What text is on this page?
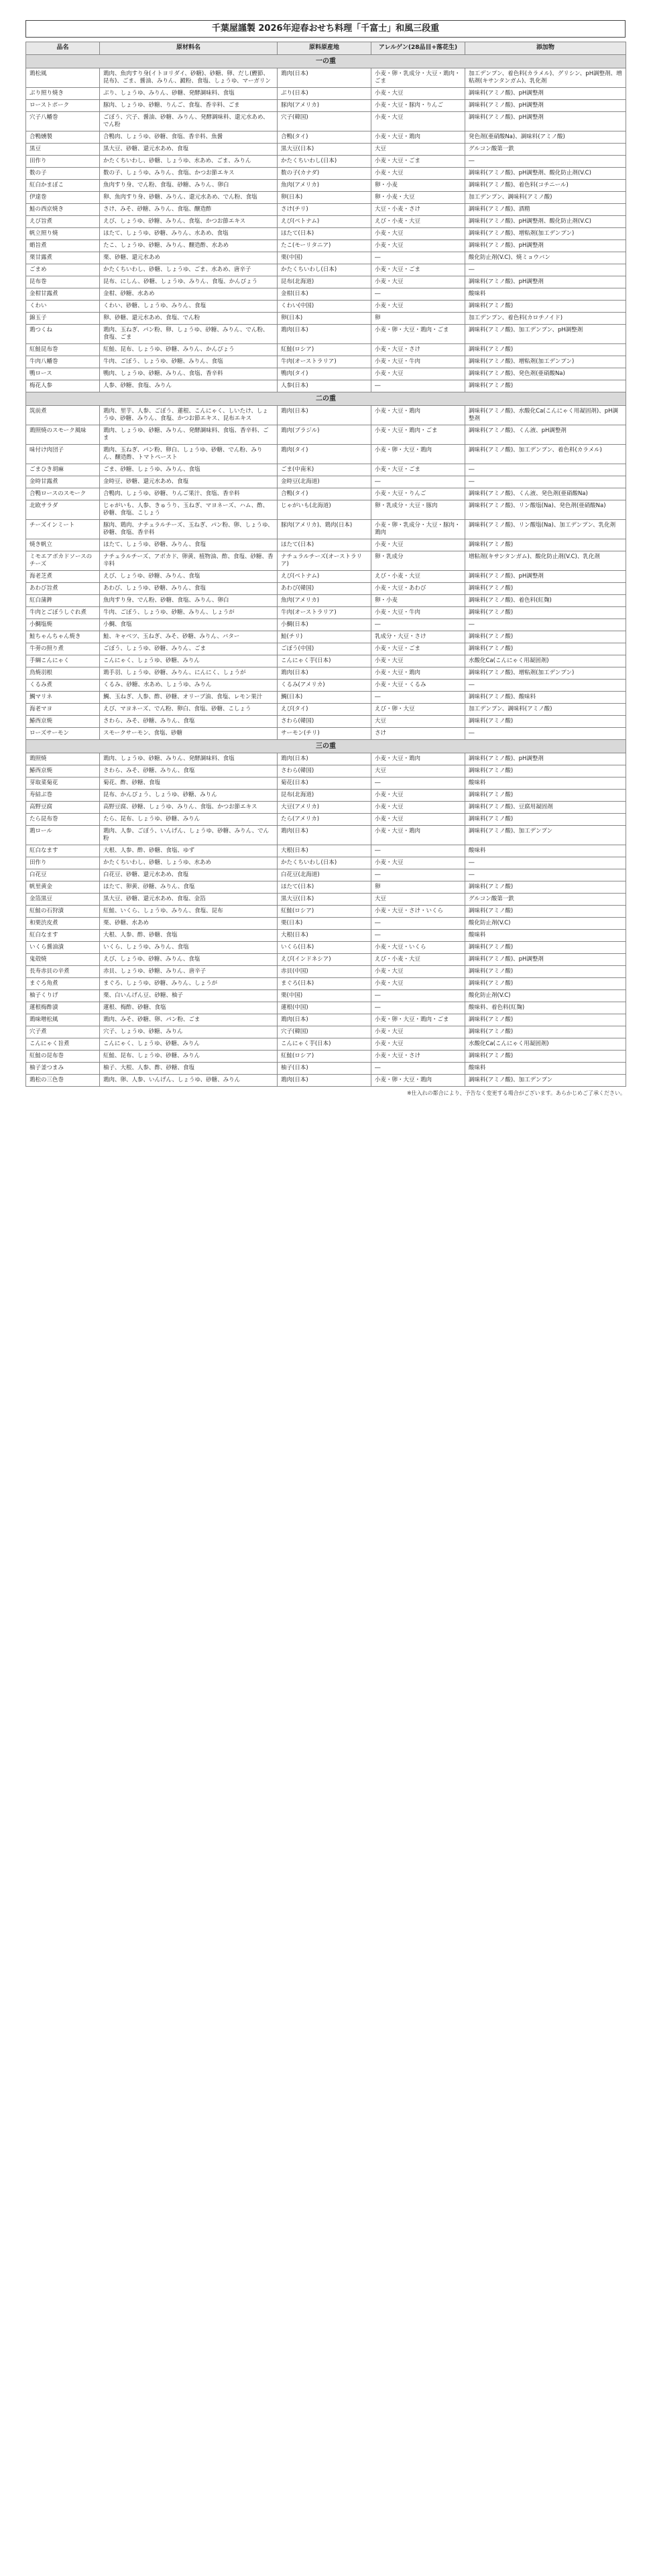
千葉屋謹製 2026年迎春おせち料理「千富士」和風三段重
品名	原材料名	原料原産地	アレルゲン(28品目+落花生)	添加物
一の重				
鶏松風	鶏肉、魚肉すり身(イトヨリダイ、砂糖)、砂糖、卵、だし(鰹節、昆布)、ごま、醤油、みりん、澱粉、食塩、しょうゆ、マーガリン	鶏肉(日本)	小麦・卵・乳成分・大豆・鶏肉・ごま	加工デンプン、着色料(カラメル)、グリシン、pH調整剤、増粘剤(キサンタンガム)、乳化剤
ぶり照り焼き	ぶり、しょうゆ、みりん、砂糖、発酵調味料、食塩	ぶり(日本)	小麦・大豆	調味料(アミノ酸)、pH調整剤
ローストポーク	豚肉、しょうゆ、砂糖、りんご、食塩、香辛料、ごま	豚肉(アメリカ)	小麦・大豆・豚肉・りんご	調味料(アミノ酸)、pH調整剤
穴子八幡巻	ごぼう、穴子、醤油、砂糖、みりん、発酵調味料、還元水あめ、でん粉	穴子(韓国)	小麦・大豆	調味料(アミノ酸)、pH調整剤
合鴨燻製	合鴨肉、しょうゆ、砂糖、食塩、香辛料、魚醤	合鴨(タイ)	小麦・大豆・鶏肉	発色剤(亜硝酸Na)、調味料(アミノ酸)
黒豆	黒大豆、砂糖、還元水あめ、食塩	黒大豆(日本)	大豆	グルコン酸第一鉄
田作り	かたくちいわし、砂糖、しょうゆ、水あめ、ごま、みりん	かたくちいわし(日本)	小麦・大豆・ごま	―
数の子	数の子、しょうゆ、みりん、食塩、かつお節エキス	数の子(カナダ)	小麦・大豆	調味料(アミノ酸)、pH調整剤、酸化防止剤(V.C)
紅白かまぼこ	魚肉すり身、でん粉、食塩、砂糖、みりん、卵白	魚肉(アメリカ)	卵・小麦	調味料(アミノ酸)、着色料(コチニール)
伊達巻	卵、魚肉すり身、砂糖、みりん、還元水あめ、でん粉、食塩	卵(日本)	卵・小麦・大豆	加工デンプン、調味料(アミノ酸)
鮭の西京焼き	さけ、みそ、砂糖、みりん、食塩、醸造酢	さけ(チリ)	大豆・小麦・さけ	調味料(アミノ酸)、酒精
えび旨煮	えび、しょうゆ、砂糖、みりん、食塩、かつお節エキス	えび(ベトナム)	えび・小麦・大豆	調味料(アミノ酸)、pH調整剤、酸化防止剤(V.C)
帆立照り焼	ほたて、しょうゆ、砂糖、みりん、水あめ、食塩	ほたて(日本)	小麦・大豆	調味料(アミノ酸)、増粘剤(加工デンプン)
蛸旨煮	たこ、しょうゆ、砂糖、みりん、醸造酢、水あめ	たこ(モーリタニア)	小麦・大豆	調味料(アミノ酸)、pH調整剤
栗甘露煮	栗、砂糖、還元水あめ	栗(中国)	―	酸化防止剤(V.C)、焼ミョウバン
ごまめ	かたくちいわし、砂糖、しょうゆ、ごま、水あめ、唐辛子	かたくちいわし(日本)	小麦・大豆・ごま	―
昆布巻	昆布、にしん、砂糖、しょうゆ、みりん、食塩、かんぴょう	昆布(北海道)	小麦・大豆	調味料(アミノ酸)、pH調整剤
金柑甘露煮	金柑、砂糖、水あめ	金柑(日本)	―	酸味料
くわい	くわい、砂糖、しょうゆ、みりん、食塩	くわい(中国)	小麦・大豆	調味料(アミノ酸)
錦玉子	卵、砂糖、還元水あめ、食塩、でん粉	卵(日本)	卵	加工デンプン、着色料(カロチノイド)
鶏つくね	鶏肉、玉ねぎ、パン粉、卵、しょうゆ、砂糖、みりん、でん粉、食塩、ごま	鶏肉(日本)	小麦・卵・大豆・鶏肉・ごま	調味料(アミノ酸)、加工デンプン、pH調整剤
紅鮭昆布巻	紅鮭、昆布、しょうゆ、砂糖、みりん、かんぴょう	紅鮭(ロシア)	小麦・大豆・さけ	調味料(アミノ酸)
牛肉八幡巻	牛肉、ごぼう、しょうゆ、砂糖、みりん、食塩	牛肉(オーストラリア)	小麦・大豆・牛肉	調味料(アミノ酸)、増粘剤(加工デンプン)
鴨ロース	鴨肉、しょうゆ、砂糖、みりん、食塩、香辛料	鴨肉(タイ)	小麦・大豆	調味料(アミノ酸)、発色剤(亜硝酸Na)
梅花人参	人参、砂糖、食塩、みりん	人参(日本)	―	調味料(アミノ酸)
二の重				
筑前煮	鶏肉、里芋、人参、ごぼう、蓮根、こんにゃく、しいたけ、しょうゆ、砂糖、みりん、食塩、かつお節エキス、昆布エキス	鶏肉(日本)	小麦・大豆・鶏肉	調味料(アミノ酸)、水酸化Ca(こんにゃく用凝固剤)、pH調整剤
鶏照焼のスモーク風味	鶏肉、しょうゆ、砂糖、みりん、発酵調味料、食塩、香辛料、ごま	鶏肉(ブラジル)	小麦・大豆・鶏肉・ごま	調味料(アミノ酸)、くん液、pH調整剤
味付け肉団子	鶏肉、玉ねぎ、パン粉、卵白、しょうゆ、砂糖、でん粉、みりん、醸造酢、トマトペースト	鶏肉(タイ)	小麦・卵・大豆・鶏肉	調味料(アミノ酸)、加工デンプン、着色料(カラメル)
ごまひき胡麻	ごま、砂糖、しょうゆ、みりん、食塩	ごま(中南米)	小麦・大豆・ごま	―
金時甘露煮	金時豆、砂糖、還元水あめ、食塩	金時豆(北海道)	―	―
合鴨ロースのスモーク	合鴨肉、しょうゆ、砂糖、りんご果汁、食塩、香辛料	合鴨(タイ)	小麦・大豆・りんご	調味料(アミノ酸)、くん液、発色剤(亜硝酸Na)
北欧サラダ	じゃがいも、人参、きゅうり、玉ねぎ、マヨネーズ、ハム、酢、砂糖、食塩、こしょう	じゃがいも(北海道)	卵・乳成分・大豆・豚肉	調味料(アミノ酸)、リン酸塩(Na)、発色剤(亜硝酸Na)
チーズインミート	豚肉、鶏肉、ナチュラルチーズ、玉ねぎ、パン粉、卵、しょうゆ、砂糖、食塩、香辛料	豚肉(アメリカ)、鶏肉(日本)	小麦・卵・乳成分・大豆・豚肉・鶏肉	調味料(アミノ酸)、リン酸塩(Na)、加工デンプン、乳化剤
焼き帆立	ほたて、しょうゆ、砂糖、みりん、食塩	ほたて(日本)	小麦・大豆	調味料(アミノ酸)
ミモエアボカドソースのチーズ	ナチュラルチーズ、アボカド、卵黄、植物油、酢、食塩、砂糖、香辛料	ナチュラルチーズ(オーストラリア)	卵・乳成分	増粘剤(キサンタンガム)、酸化防止剤(V.C)、乳化剤
海老芝煮	えび、しょうゆ、砂糖、みりん、食塩	えび(ベトナム)	えび・小麦・大豆	調味料(アミノ酸)、pH調整剤
あわび旨煮	あわび、しょうゆ、砂糖、みりん、食塩	あわび(韓国)	小麦・大豆・あわび	調味料(アミノ酸)
紅白蒲鉾	魚肉すり身、でん粉、砂糖、食塩、みりん、卵白	魚肉(アメリカ)	卵・小麦	調味料(アミノ酸)、着色料(紅麹)
牛肉とごぼうしぐれ煮	牛肉、ごぼう、しょうゆ、砂糖、みりん、しょうが	牛肉(オーストラリア)	小麦・大豆・牛肉	調味料(アミノ酸)
小鯛塩焼	小鯛、食塩	小鯛(日本)	―	―
鮭ちゃんちゃん焼き	鮭、キャベツ、玉ねぎ、みそ、砂糖、みりん、バター	鮭(チリ)	乳成分・大豆・さけ	調味料(アミノ酸)
牛蒡の照り煮	ごぼう、しょうゆ、砂糖、みりん、ごま	ごぼう(中国)	小麦・大豆・ごま	調味料(アミノ酸)
手綱こんにゃく	こんにゃく、しょうゆ、砂糖、みりん	こんにゃく芋(日本)	小麦・大豆	水酸化Ca(こんにゃく用凝固剤)
鳥焼羽根	鶏手羽、しょうゆ、砂糖、みりん、にんにく、しょうが	鶏肉(日本)	小麦・大豆・鶏肉	調味料(アミノ酸)、増粘剤(加工デンプン)
くるみ煮	くるみ、砂糖、水あめ、しょうゆ、みりん	くるみ(アメリカ)	小麦・大豆・くるみ	―
鯛マリネ	鯛、玉ねぎ、人参、酢、砂糖、オリーブ油、食塩、レモン果汁	鯛(日本)	―	調味料(アミノ酸)、酸味料
海老マヨ	えび、マヨネーズ、でん粉、卵白、食塩、砂糖、こしょう	えび(タイ)	えび・卵・大豆	加工デンプン、調味料(アミノ酸)
鰆西京焼	さわら、みそ、砂糖、みりん、食塩	さわら(韓国)	大豆	調味料(アミノ酸)
ローズサーモン	スモークサーモン、食塩、砂糖	サーモン(チリ)	さけ	―
三の重				
鶏照焼	鶏肉、しょうゆ、砂糖、みりん、発酵調味料、食塩	鶏肉(日本)	小麦・大豆・鶏肉	調味料(アミノ酸)、pH調整剤
鰆西京焼	さわら、みそ、砂糖、みりん、食塩	さわら(韓国)	大豆	調味料(アミノ酸)
芽取菜菊花	菊花、酢、砂糖、食塩	菊花(日本)	―	酸味料
寿結ぶ巻	昆布、かんぴょう、しょうゆ、砂糖、みりん	昆布(北海道)	小麦・大豆	調味料(アミノ酸)
高野豆腐	高野豆腐、砂糖、しょうゆ、みりん、食塩、かつお節エキス	大豆(アメリカ)	小麦・大豆	調味料(アミノ酸)、豆腐用凝固剤
たら昆布巻	たら、昆布、しょうゆ、砂糖、みりん	たら(アメリカ)	小麦・大豆	調味料(アミノ酸)
鶏ロール	鶏肉、人参、ごぼう、いんげん、しょうゆ、砂糖、みりん、でん粉	鶏肉(日本)	小麦・大豆・鶏肉	調味料(アミノ酸)、加工デンプン
紅白なます	大根、人参、酢、砂糖、食塩、ゆず	大根(日本)	―	酸味料
田作り	かたくちいわし、砂糖、しょうゆ、水あめ	かたくちいわし(日本)	小麦・大豆	―
白花豆	白花豆、砂糖、還元水あめ、食塩	白花豆(北海道)	―	―
帆里黄金	ほたて、卵黄、砂糖、みりん、食塩	ほたて(日本)	卵	調味料(アミノ酸)
金箔黒豆	黒大豆、砂糖、還元水あめ、食塩、金箔	黒大豆(日本)	大豆	グルコン酸第一鉄
紅鮭の石狩漬	紅鮭、いくら、しょうゆ、みりん、食塩、昆布	紅鮭(ロシア)	小麦・大豆・さけ・いくら	調味料(アミノ酸)
和栗渋皮煮	栗、砂糖、水あめ	栗(日本)	―	酸化防止剤(V.C)
紅白なます	大根、人参、酢、砂糖、食塩	大根(日本)	―	酸味料
いくら醤油漬	いくら、しょうゆ、みりん、食塩	いくら(日本)	小麦・大豆・いくら	調味料(アミノ酸)
鬼殻焼	えび、しょうゆ、砂糖、みりん、食塩	えび(インドネシア)	えび・小麦・大豆	調味料(アミノ酸)、pH調整剤
長寿赤貝の辛煮	赤貝、しょうゆ、砂糖、みりん、唐辛子	赤貝(中国)	小麦・大豆	調味料(アミノ酸)
まぐろ角煮	まぐろ、しょうゆ、砂糖、みりん、しょうが	まぐろ(日本)	小麦・大豆	調味料(アミノ酸)
柚子くりげ	栗、白いんげん豆、砂糖、柚子	栗(中国)	―	酸化防止剤(V.C)
蓮根梅酢漬	蓮根、梅酢、砂糖、食塩	蓮根(中国)	―	酸味料、着色料(紅麹)
鶏味噌松風	鶏肉、みそ、砂糖、卵、パン粉、ごま	鶏肉(日本)	小麦・卵・大豆・鶏肉・ごま	調味料(アミノ酸)
穴子煮	穴子、しょうゆ、砂糖、みりん	穴子(韓国)	小麦・大豆	調味料(アミノ酸)
こんにゃく旨煮	こんにゃく、しょうゆ、砂糖、みりん	こんにゃく芋(日本)	小麦・大豆	水酸化Ca(こんにゃく用凝固剤)
紅鮭の昆布巻	紅鮭、昆布、しょうゆ、砂糖、みりん	紅鮭(ロシア)	小麦・大豆・さけ	調味料(アミノ酸)
柚子釜つまみ	柚子、大根、人参、酢、砂糖、食塩	柚子(日本)	―	酸味料
鶏松の三色巻	鶏肉、卵、人参、いんげん、しょうゆ、砂糖、みりん	鶏肉(日本)	小麦・卵・大豆・鶏肉	調味料(アミノ酸)、加工デンプン
※仕入れの都合により、予告なく変更する場合がございます。あらかじめご了承ください。
